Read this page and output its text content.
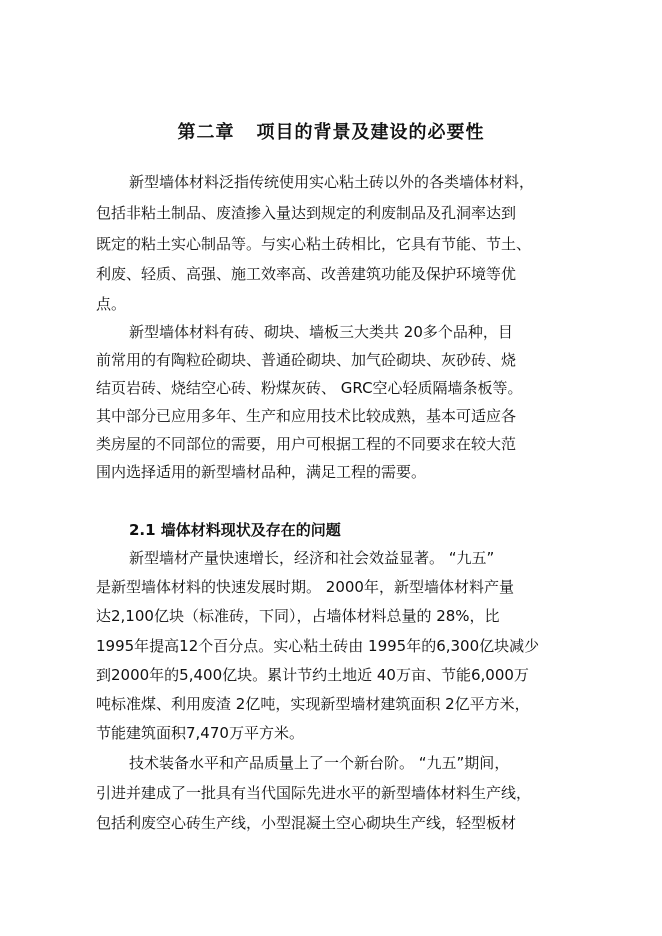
第二章 项目的背景及建设的必要性
新型墙体材料泛指传统使用实心粘土砖以外的各类墙体材料，
包括非粘土制品、废渣掺入量达到规定的利废制品及孔洞率达到
既定的粘土实心制品等。与实心粘土砖相比，它具有节能、节土、
利废、轻质、高强、施工效率高、改善建筑功能及保护环境等优
点。
新型墙体材料有砖、砌块、墙板三大类共 20多个品种，目
前常用的有陶粒砼砌块、普通砼砌块、加气砼砌块、灰砂砖、烧
结页岩砖、烧结空心砖、粉煤灰砖、 GRC空心轻质隔墙条板等。
其中部分已应用多年、生产和应用技术比较成熟，基本可适应各
类房屋的不同部位的需要，用户可根据工程的不同要求在较大范
围内选择适用的新型墙材品种，满足工程的需要。
2.1 墙体材料现状及存在的问题
新型墙材产量快速增长，经济和社会效益显著。 “九五”
是新型墙体材料的快速发展时期。 2000年，新型墙体材料产量
达2,100亿块（标准砖，下同），占墙体材料总量的 28%，比
1995年提高12个百分点。实心粘土砖由 1995年的6,300亿块减少
到2000年的5,400亿块。累计节约土地近 40万亩、节能6,000万
吨标准煤、利用废渣 2亿吨，实现新型墙材建筑面积 2亿平方米，
节能建筑面积7,470万平方米。
技术装备水平和产品质量上了一个新台阶。 “九五”期间，
引进并建成了一批具有当代国际先进水平的新型墙体材料生产线，
包括利废空心砖生产线，小型混凝土空心砌块生产线，轻型板材
